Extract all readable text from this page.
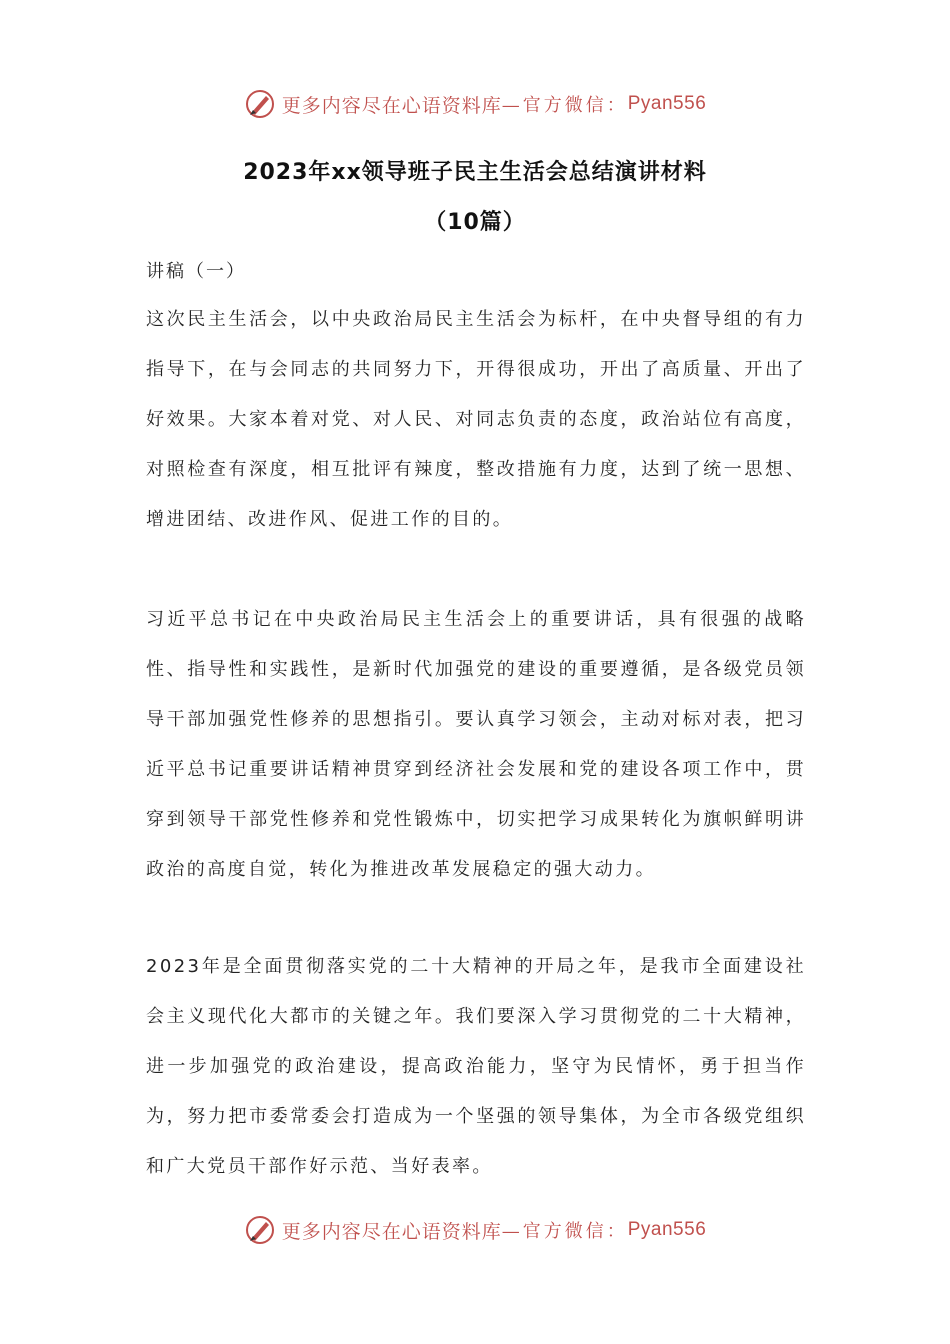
更多内容尽在心语资料库 —官方微信： Pyan556
2023年xx领导班子民主生活会总结演讲材料
（10篇）
讲稿（一）
这次民主生活会，以中央政治局民主生活会为标杆，在中央督导组的有力指导下，在与会同志的共同努力下，开得很成功，开出了高质量、开出了好效果。大家本着对党、对人民、对同志负责的态度，政治站位有高度，对照检查有深度，相互批评有辣度，整改措施有力度，达到了统一思想、增进团结、改进作风、促进工作的目的。
习近平总书记在中央政治局民主生活会上的重要讲话，具有很强的战略性、指导性和实践性，是新时代加强党的建设的重要遵循，是各级党员领导干部加强党性修养的思想指引。要认真学习领会，主动对标对表，把习近平总书记重要讲话精神贯穿到经济社会发展和党的建设各项工作中，贯穿到领导干部党性修养和党性锻炼中，切实把学习成果转化为旗帜鲜明讲政治的高度自觉，转化为推进改革发展稳定的强大动力。
2023年是全面贯彻落实党的二十大精神的开局之年，是我市全面建设社会主义现代化大都市的关键之年。我们要深入学习贯彻党的二十大精神，进一步加强党的政治建设，提高政治能力，坚守为民情怀，勇于担当作为，努力把市委常委会打造成为一个坚强的领导集体，为全市各级党组织和广大党员干部作好示范、当好表率。
更多内容尽在心语资料库 —官方微信： Pyan556
